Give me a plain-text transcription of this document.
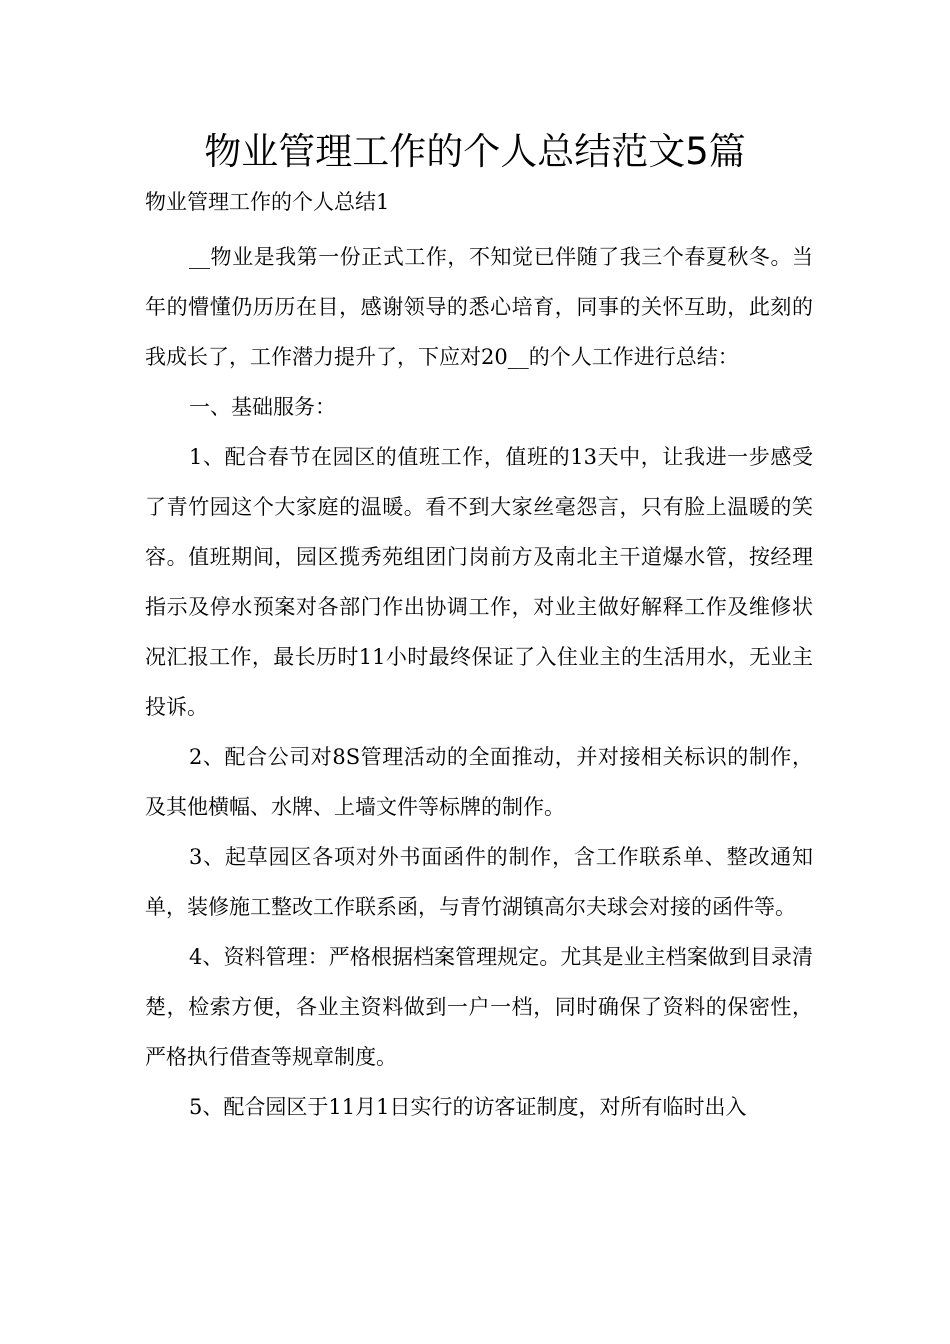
物业管理工作的个人总结范文5篇

物业管理工作的个人总结1

__物业是我第一份正式工作，不知觉已伴随了我三个春夏秋冬。当年的懵懂仍历历在目，感谢领导的悉心培育，同事的关怀互助，此刻的我成长了，工作潜力提升了，下应对20__的个人工作进行总结：

一、基础服务：

1、配合春节在园区的值班工作，值班的13天中，让我进一步感受了青竹园这个大家庭的温暖。看不到大家丝毫怨言，只有脸上温暖的笑容。值班期间，园区揽秀苑组团门岗前方及南北主干道爆水管，按经理指示及停水预案对各部门作出协调工作，对业主做好解释工作及维修状况汇报工作，最长历时11小时最终保证了入住业主的生活用水，无业主投诉。

2、配合公司对8S管理活动的全面推动，并对接相关标识的制作，及其他横幅、水牌、上墙文件等标牌的制作。

3、起草园区各项对外书面函件的制作，含工作联系单、整改通知单，装修施工整改工作联系函，与青竹湖镇高尔夫球会对接的函件等。

4、资料管理：严格根据档案管理规定。尤其是业主档案做到目录清楚，检索方便，各业主资料做到一户一档，同时确保了资料的保密性，严格执行借查等规章制度。

5、配合园区于11月1日实行的访客证制度，对所有临时出入
